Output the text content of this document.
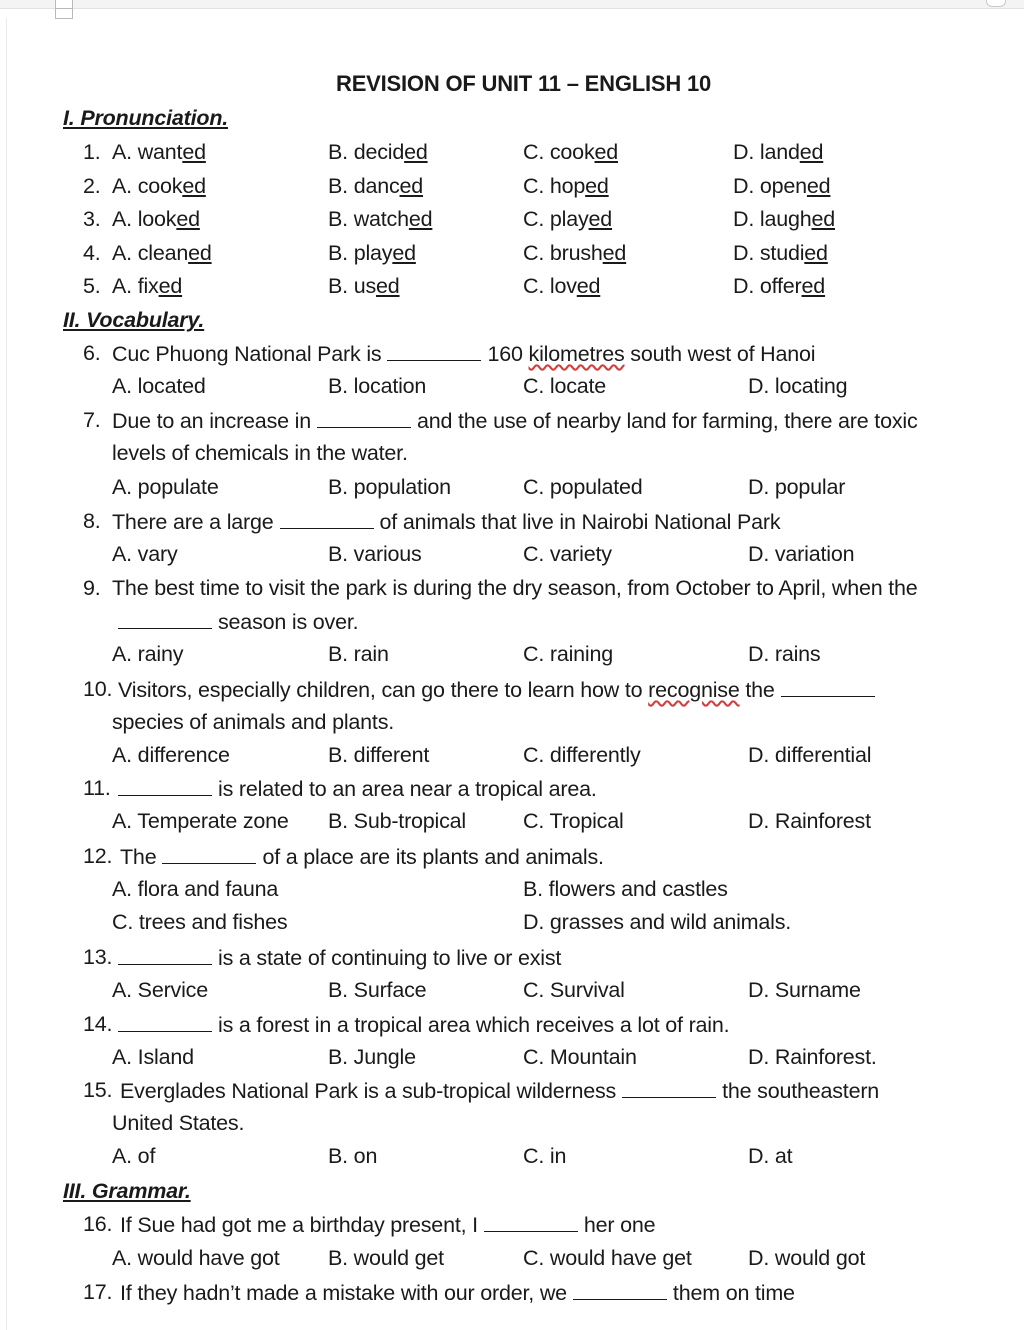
REVISION OF UNIT 11 – ENGLISH 10
I. Pronunciation.
1. A. wanted	B. decided	C. cooked	D. landed
2. A. cooked	B. danced	C. hoped	D. opened
3. A. looked	B. watched	C. played	D. laughed
4. A. cleaned	B. played	C. brushed	D. studied
5. A. fixed	B. used	C. loved	D. offered
II. Vocabulary.
6. Cuc Phuong National Park is	160 kilometres south west of Hanoi
A. located	B. location	C. locate	D. locating
7. Due to an increase in	and the use of nearby land for farming, there are toxic
levels of chemicals in the water.
A. populate	B. population	C. populated	D. popular
8. There are a large	of animals that live in Nairobi National Park
A. vary	B. various	C. variety	D. variation
9. The best time to visit the park is during the dry season, from October to April, when the
season is over.
A. rainy	B. rain	C. raining	D. rains
10. Visitors, especially children, can go there to learn how to recognise the
species of animals and plants.
A. difference	B. different	C. differently	D. differential
11.	is related to an area near a tropical area.
A. Temperate zone B. Sub-tropical	C. Tropical	D. Rainforest
12. The	of a place are its plants and animals.
A. flora and fauna	B. flowers and castles
C. trees and fishes	D. grasses and wild animals.
13.	is a state of continuing to live or exist
A. Service	B. Surface	C. Survival	D. Surname
14.	is a forest in a tropical area which receives a lot of rain.
A. Island	B. Jungle	C. Mountain	D. Rainforest.
15. Everglades National Park is a sub-tropical wilderness	the southeastern
United States.
A. of	B. on	C. in	D. at
III. Grammar.
16. If Sue had got me a birthday present, I	her one
A. would have got B. would get	C. would have get	D. would got
17. If they hadn’t made a mistake with our order, we	them on time
